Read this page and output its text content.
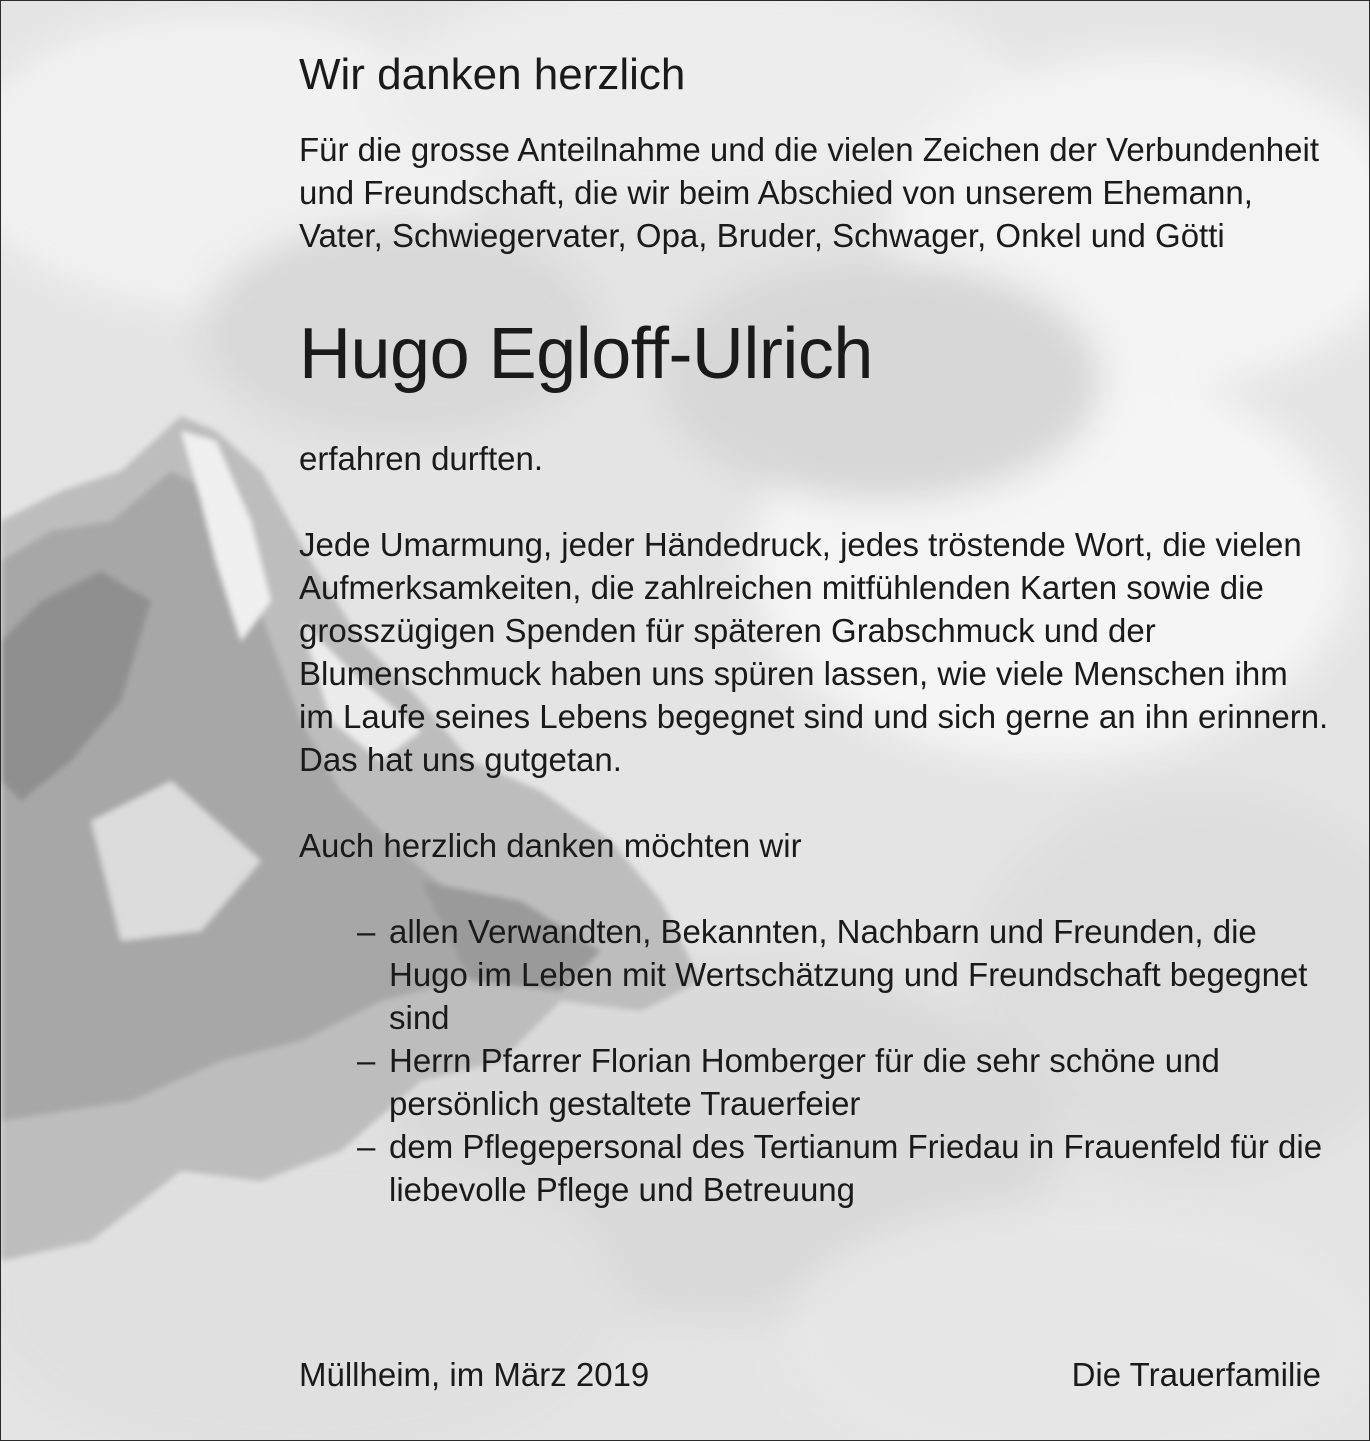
Wir danken herzlich

Für die grosse Anteilnahme und die vielen Zeichen der Verbundenheit und Freundschaft, die wir beim Abschied von unserem Ehemann, Vater, Schwiegervater, Opa, Bruder, Schwager, Onkel und Götti

Hugo Egloff-Ulrich

erfahren durften.

Jede Umarmung, jeder Händedruck, jedes tröstende Wort, die vielen Aufmerksamkeiten, die zahlreichen mitfühlenden Karten sowie die grosszügigen Spenden für späteren Grabschmuck und der Blumenschmuck haben uns spüren lassen, wie viele Menschen ihm im Laufe seines Lebens begegnet sind und sich gerne an ihn erinnern. Das hat uns gutgetan.

Auch herzlich danken möchten wir

– allen Verwandten, Bekannten, Nachbarn und Freunden, die Hugo im Leben mit Wertschätzung und Freundschaft begegnet sind
– Herrn Pfarrer Florian Homberger für die sehr schöne und persönlich gestaltete Trauerfeier
– dem Pflegepersonal des Tertianum Friedau in Frauenfeld für die liebevolle Pflege und Betreuung
Müllheim, im März 2019	Die Trauerfamilie
